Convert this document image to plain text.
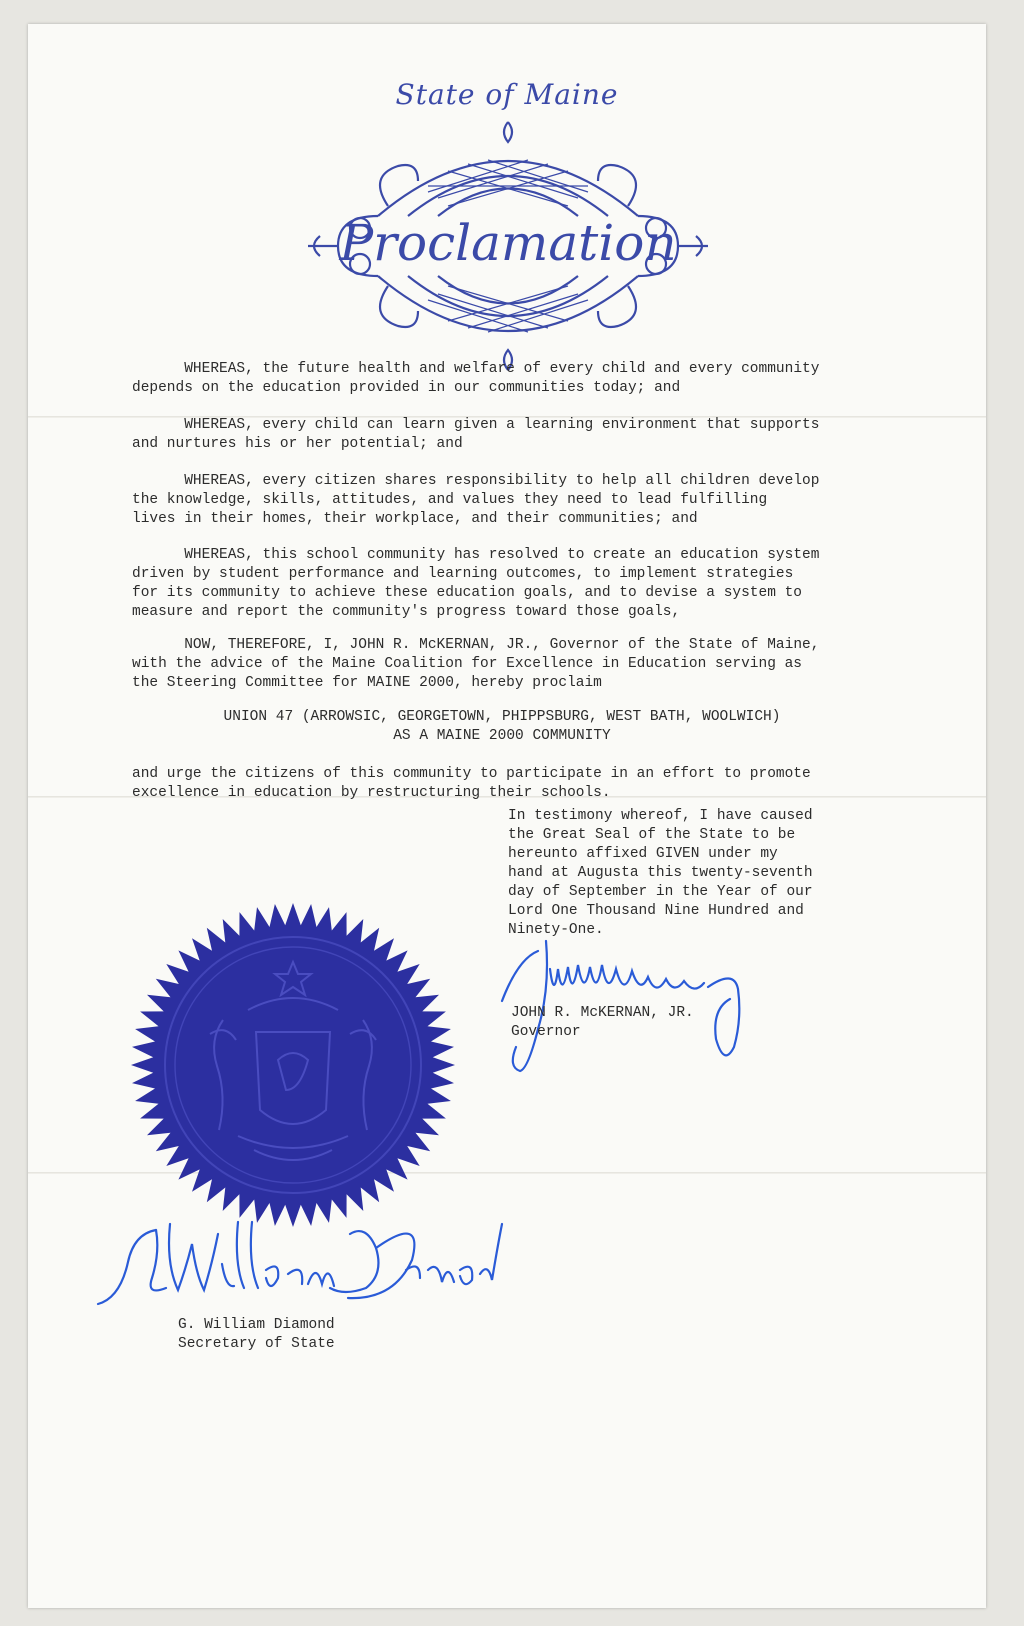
State of Maine
Proclamation

WHEREAS, the future health and welfare of every child and every community
depends on the education provided in our communities today; and

WHEREAS, every child can learn given a learning environment that supports
and nurtures his or her potential; and

WHEREAS, every citizen shares responsibility to help all children develop
the knowledge, skills, attitudes, and values they need to lead fulfilling
lives in their homes, their workplace, and their communities; and

WHEREAS, this school community has resolved to create an education system
driven by student performance and learning outcomes, to implement strategies
for its community to achieve these education goals, and to devise a system to
measure and report the community's progress toward those goals,

NOW, THEREFORE, I, JOHN R. McKERNAN, JR., Governor of the State of Maine,
with the advice of the Maine Coalition for Excellence in Education serving as
the Steering Committee for MAINE 2000, hereby proclaim

UNION 47 (ARROWSIC, GEORGETOWN, PHIPPSBURG, WEST BATH, WOOLWICH)

AS A MAINE 2000 COMMUNITY

and urge the citizens of this community to participate in an effort to promote
excellence in education by restructuring their schools.

In testimony whereof, I have caused
the Great Seal of the State to be
hereunto affixed GIVEN under my
hand at Augusta this twenty-seventh
day of September in the Year of our
Lord One Thousand Nine Hundred and
Ninety-One.

JOHN R. McKERNAN, JR.

Governor

G. William Diamond

Secretary of State
